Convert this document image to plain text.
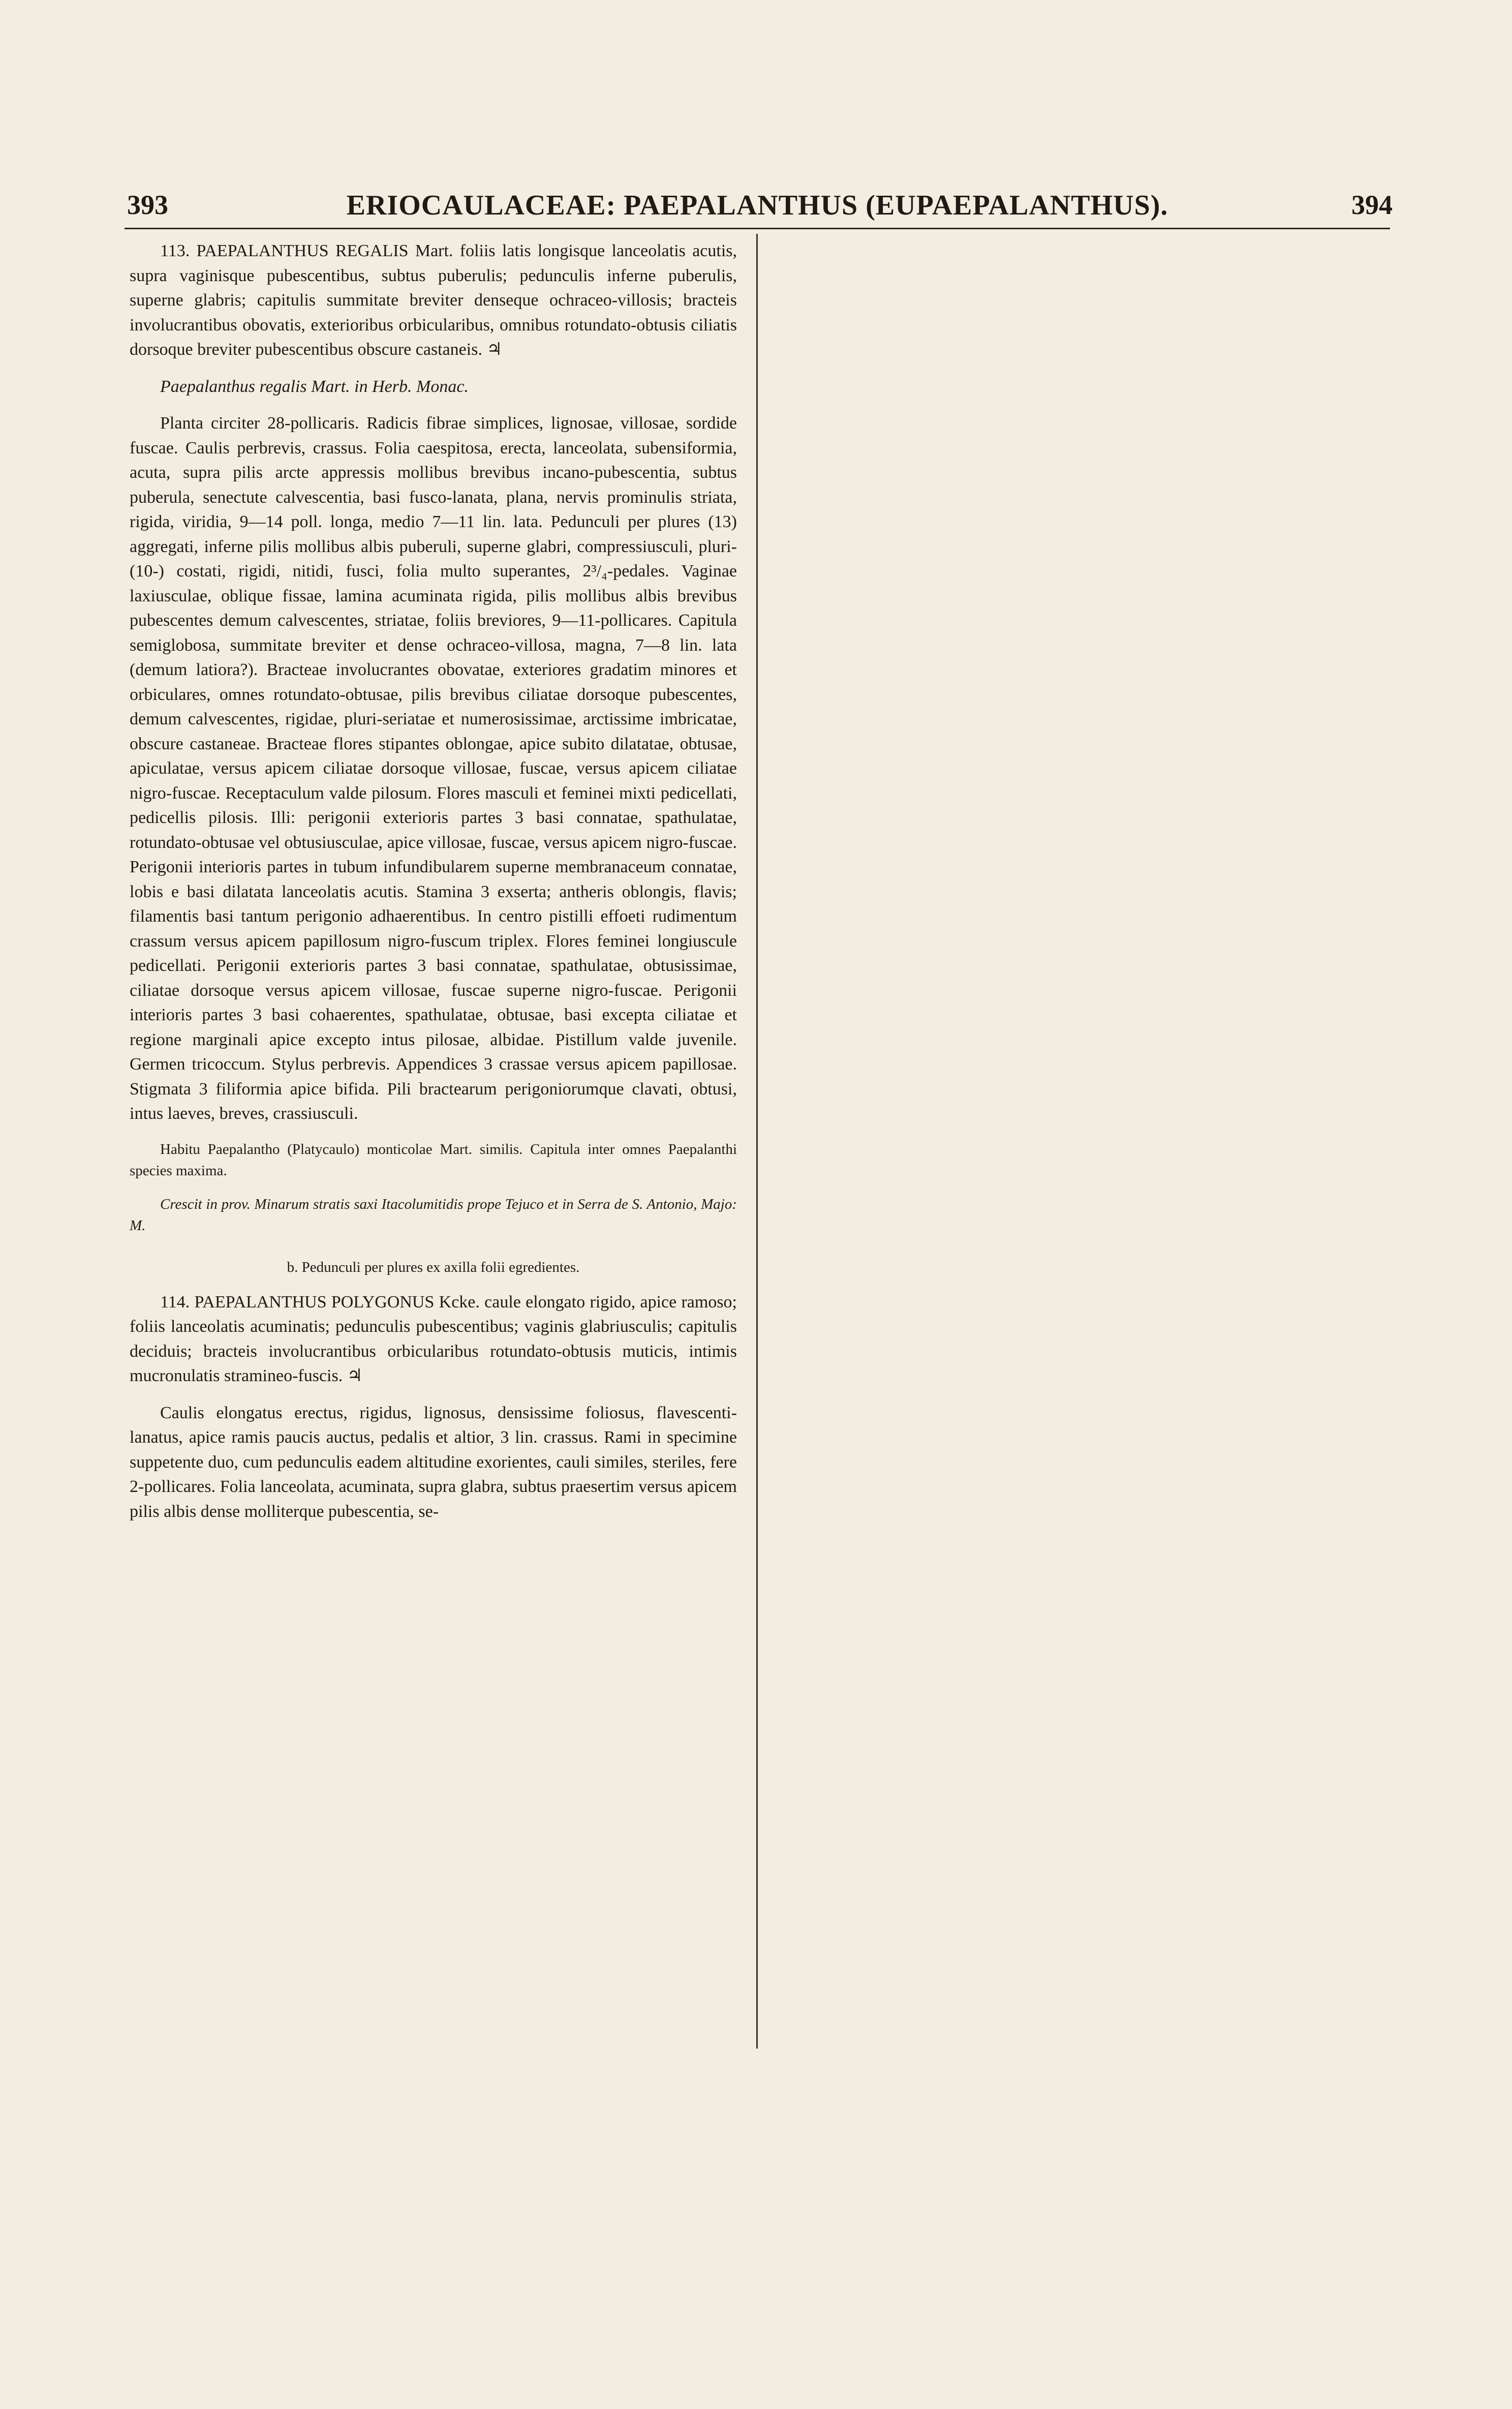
393	ERIOCAULACEAE: PAEPALANTHUS (EUPAEPALANTHUS).	394

113. PAEPALANTHUS REGALIS Mart. foliis latis longisque lanceolatis acutis, supra vaginisque pubescentibus, subtus puberulis; pedunculis inferne puberulis, superne glabris; capitulis summitate breviter denseque ochraceo-villosis; bracteis involucrantibus obovatis, exterioribus orbicularibus, omnibus rotundato-obtusis ciliatis dorsoque breviter pubescentibus obscure castaneis. ♃

Paepalanthus regalis Mart. in Herb. Monac.

Planta circiter 28-pollicaris. Radicis fibrae simplices, lignosae, villosae, sordide fuscae. Caulis perbrevis, crassus. Folia caespitosa, erecta, lanceolata, subensiformia, acuta, supra pilis arcte appressis mollibus brevibus incano-pubescentia, subtus puberula, senectute calvescentia, basi fusco-lanata, plana, nervis prominulis striata, rigida, viridia, 9—14 poll. longa, medio 7—11 lin. lata. Pedunculi per plures (13) aggregati, inferne pilis mollibus albis puberuli, superne glabri, compressiusculi, pluri- (10-) costati, rigidi, nitidi, fusci, folia multo superantes, 2³/₄-pedales. Vaginae laxiusculae, oblique fissae, lamina acuminata rigida, pilis mollibus albis brevibus pubescentes demum calvescentes, striatae, foliis breviores, 9—11-pollicares. Capitula semiglobosa, summitate breviter et dense ochraceo-villosa, magna, 7—8 lin. lata (demum latiora?). Bracteae involucrantes obovatae, exteriores gradatim minores et orbiculares, omnes rotundato-obtusae, pilis brevibus ciliatae dorsoque pubescentes, demum calvescentes, rigidae, pluri-seriatae et numerosissimae, arctissime imbricatae, obscure castaneae. Bracteae flores stipantes oblongae, apice subito dilatatae, obtusae, apiculatae, versus apicem ciliatae dorsoque villosae, fuscae, versus apicem ciliatae nigro-fuscae. Receptaculum valde pilosum. Flores masculi et feminei mixti pedicellati, pedicellis pilosis. Illi: perigonii exterioris partes 3 basi connatae, spathulatae, rotundato-obtusae vel obtusiusculae, apice villosae, fuscae, versus apicem nigro-fuscae. Perigonii interioris partes in tubum infundibularem superne membranaceum connatae, lobis e basi dilatata lanceolatis acutis. Stamina 3 exserta; antheris oblongis, flavis; filamentis basi tantum perigonio adhaerentibus. In centro pistilli effoeti rudimentum crassum versus apicem papillosum nigro-fuscum triplex. Flores feminei longiuscule pedicellati. Perigonii exterioris partes 3 basi connatae, spathulatae, obtusissimae, ciliatae dorsoque versus apicem villosae, fuscae superne nigro-fuscae. Perigonii interioris partes 3 basi cohaerentes, spathulatae, obtusae, basi excepta ciliatae et regione marginali apice excepto intus pilosae, albidae. Pistillum valde juvenile. Germen tricoccum. Stylus perbrevis. Appendices 3 crassae versus apicem papillosae. Stigmata 3 filiformia apice bifida. Pili bractearum perigoniorumque clavati, obtusi, intus laeves, breves, crassiusculi.

Habitu Paepalantho (Platycaulo) monticolae Mart. similis. Capitula inter omnes Paepalanthi species maxima.

Crescit in prov. Minarum stratis saxi Itacolumitidis prope Tejuco et in Serra de S. Antonio, Majo: M.

b. Pedunculi per plures ex axilla folii egredientes.

114. PAEPALANTHUS POLYGONUS Kcke. caule elongato rigido, apice ramoso; foliis lanceolatis acuminatis; pedunculis pubescentibus; vaginis glabriusculis; capitulis deciduis; bracteis involucrantibus orbicularibus rotundato-obtusis muticis, intimis mucronulatis stramineo-fuscis. ♃

Caulis elongatus erectus, rigidus, lignosus, densissime foliosus, flavescenti-lanatus, apice ramis paucis auctus, pedalis et altior, 3 lin. crassus. Rami in specimine suppetente duo, cum pedunculis eadem altitudine exorientes, cauli similes, steriles, fere 2-pollicares. Folia lanceolata, acuminata, supra glabra, subtus praesertim versus apicem pilis albis dense molliterque pubescentia, se-
